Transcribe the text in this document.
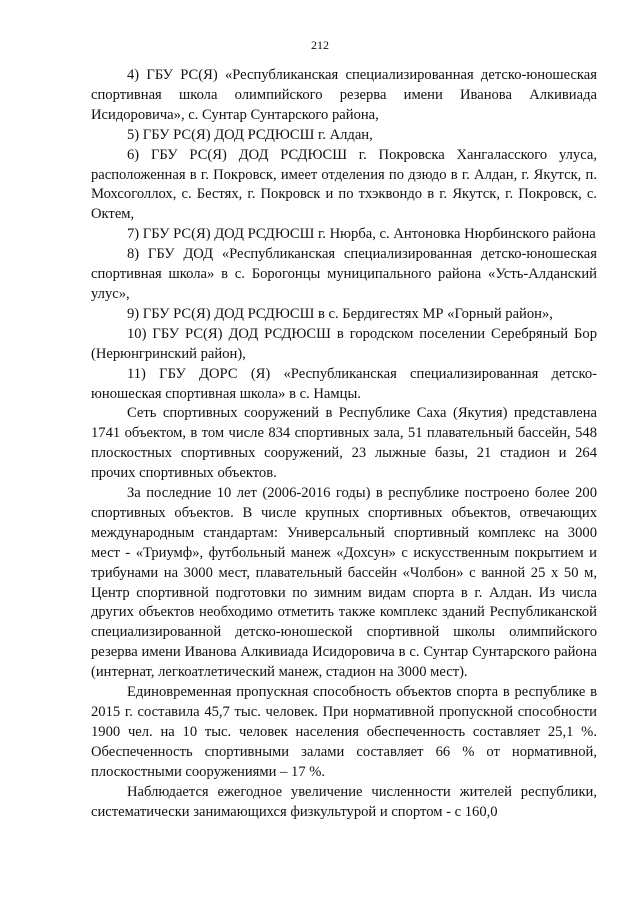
212

4) ГБУ РС(Я) «Республиканская специализированная детско-юношеская спортивная школа олимпийского резерва имени Иванова Алкивиада Исидоровича», с. Сунтар Сунтарского района,

5) ГБУ РС(Я) ДОД РСДЮСШ г. Алдан,

6) ГБУ РС(Я) ДОД РСДЮСШ г. Покровска Хангаласского улуса, расположенная в г. Покровск, имеет отделения по дзюдо в г. Алдан, г. Якутск, п. Мохсоголлох, с. Бестях, г. Покровск и по тхэквондо в г. Якутск, г. Покровск, с. Октем,

7) ГБУ РС(Я) ДОД РСДЮСШ г. Нюрба, с. Антоновка Нюрбинского района

8) ГБУ ДОД «Республиканская специализированная детско-юношеская спортивная школа» в с. Борогонцы муниципального района «Усть-Алданский улус»,

9) ГБУ РС(Я) ДОД РСДЮСШ в с. Бердигестях МР «Горный район»,

10) ГБУ РС(Я) ДОД РСДЮСШ в городском поселении Серебряный Бор (Нерюнгринский район),

11) ГБУ ДОРС (Я) «Республиканская специализированная детско-юношеская спортивная школа» в с. Намцы.

Сеть спортивных сооружений в Республике Саха (Якутия) представлена 1741 объектом, в том числе 834 спортивных зала, 51 плавательный бассейн, 548 плоскостных спортивных сооружений, 23 лыжные базы, 21 стадион и 264 прочих спортивных объектов.

За последние 10 лет (2006-2016 годы) в республике построено более 200 спортивных объектов. В числе крупных спортивных объектов, отвечающих международным стандартам: Универсальный спортивный комплекс на 3000 мест - «Триумф», футбольный манеж «Дохсун» с искусственным покрытием и трибунами на 3000 мест, плавательный бассейн «Чолбон» с ванной 25 х 50 м, Центр спортивной подготовки по зимним видам спорта в г. Алдан. Из числа других объектов необходимо отметить также комплекс зданий Республиканской специализированной детско-юношеской спортивной школы олимпийского резерва имени Иванова Алкивиада Исидоровича в с. Сунтар Сунтарского района (интернат, легкоатлетический манеж, стадион на 3000 мест).

Единовременная пропускная способность объектов спорта в республике в 2015 г. составила 45,7 тыс. человек. При нормативной пропускной способности 1900 чел. на 10 тыс. человек населения обеспеченность составляет 25,1 %. Обеспеченность спортивными залами составляет 66 % от нормативной, плоскостными сооружениями – 17 %.

Наблюдается ежегодное увеличение численности жителей республики, систематически занимающихся физкультурой и спортом - с 160,0
